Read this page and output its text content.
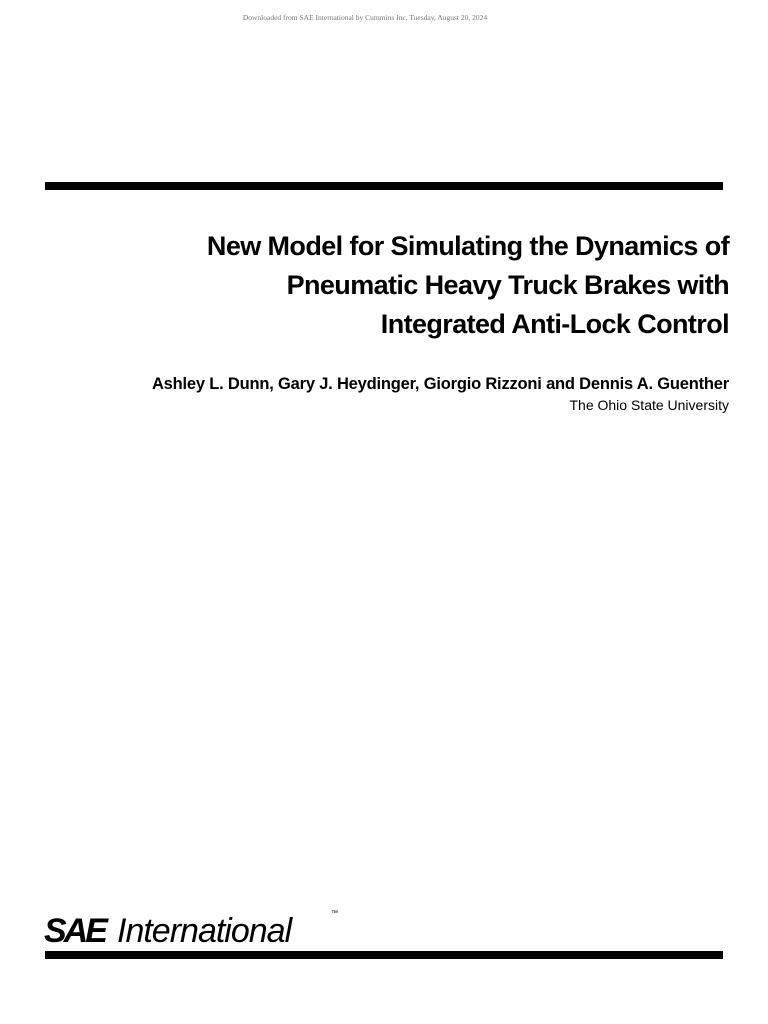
Downloaded from SAE International by Cummins Inc, Tuesday, August 20, 2024
New Model for Simulating the Dynamics of
Pneumatic Heavy Truck Brakes with
Integrated Anti-Lock Control
Ashley L. Dunn, Gary J. Heydinger, Giorgio Rizzoni and Dennis A. Guenther
The Ohio State University
SAE International	™
